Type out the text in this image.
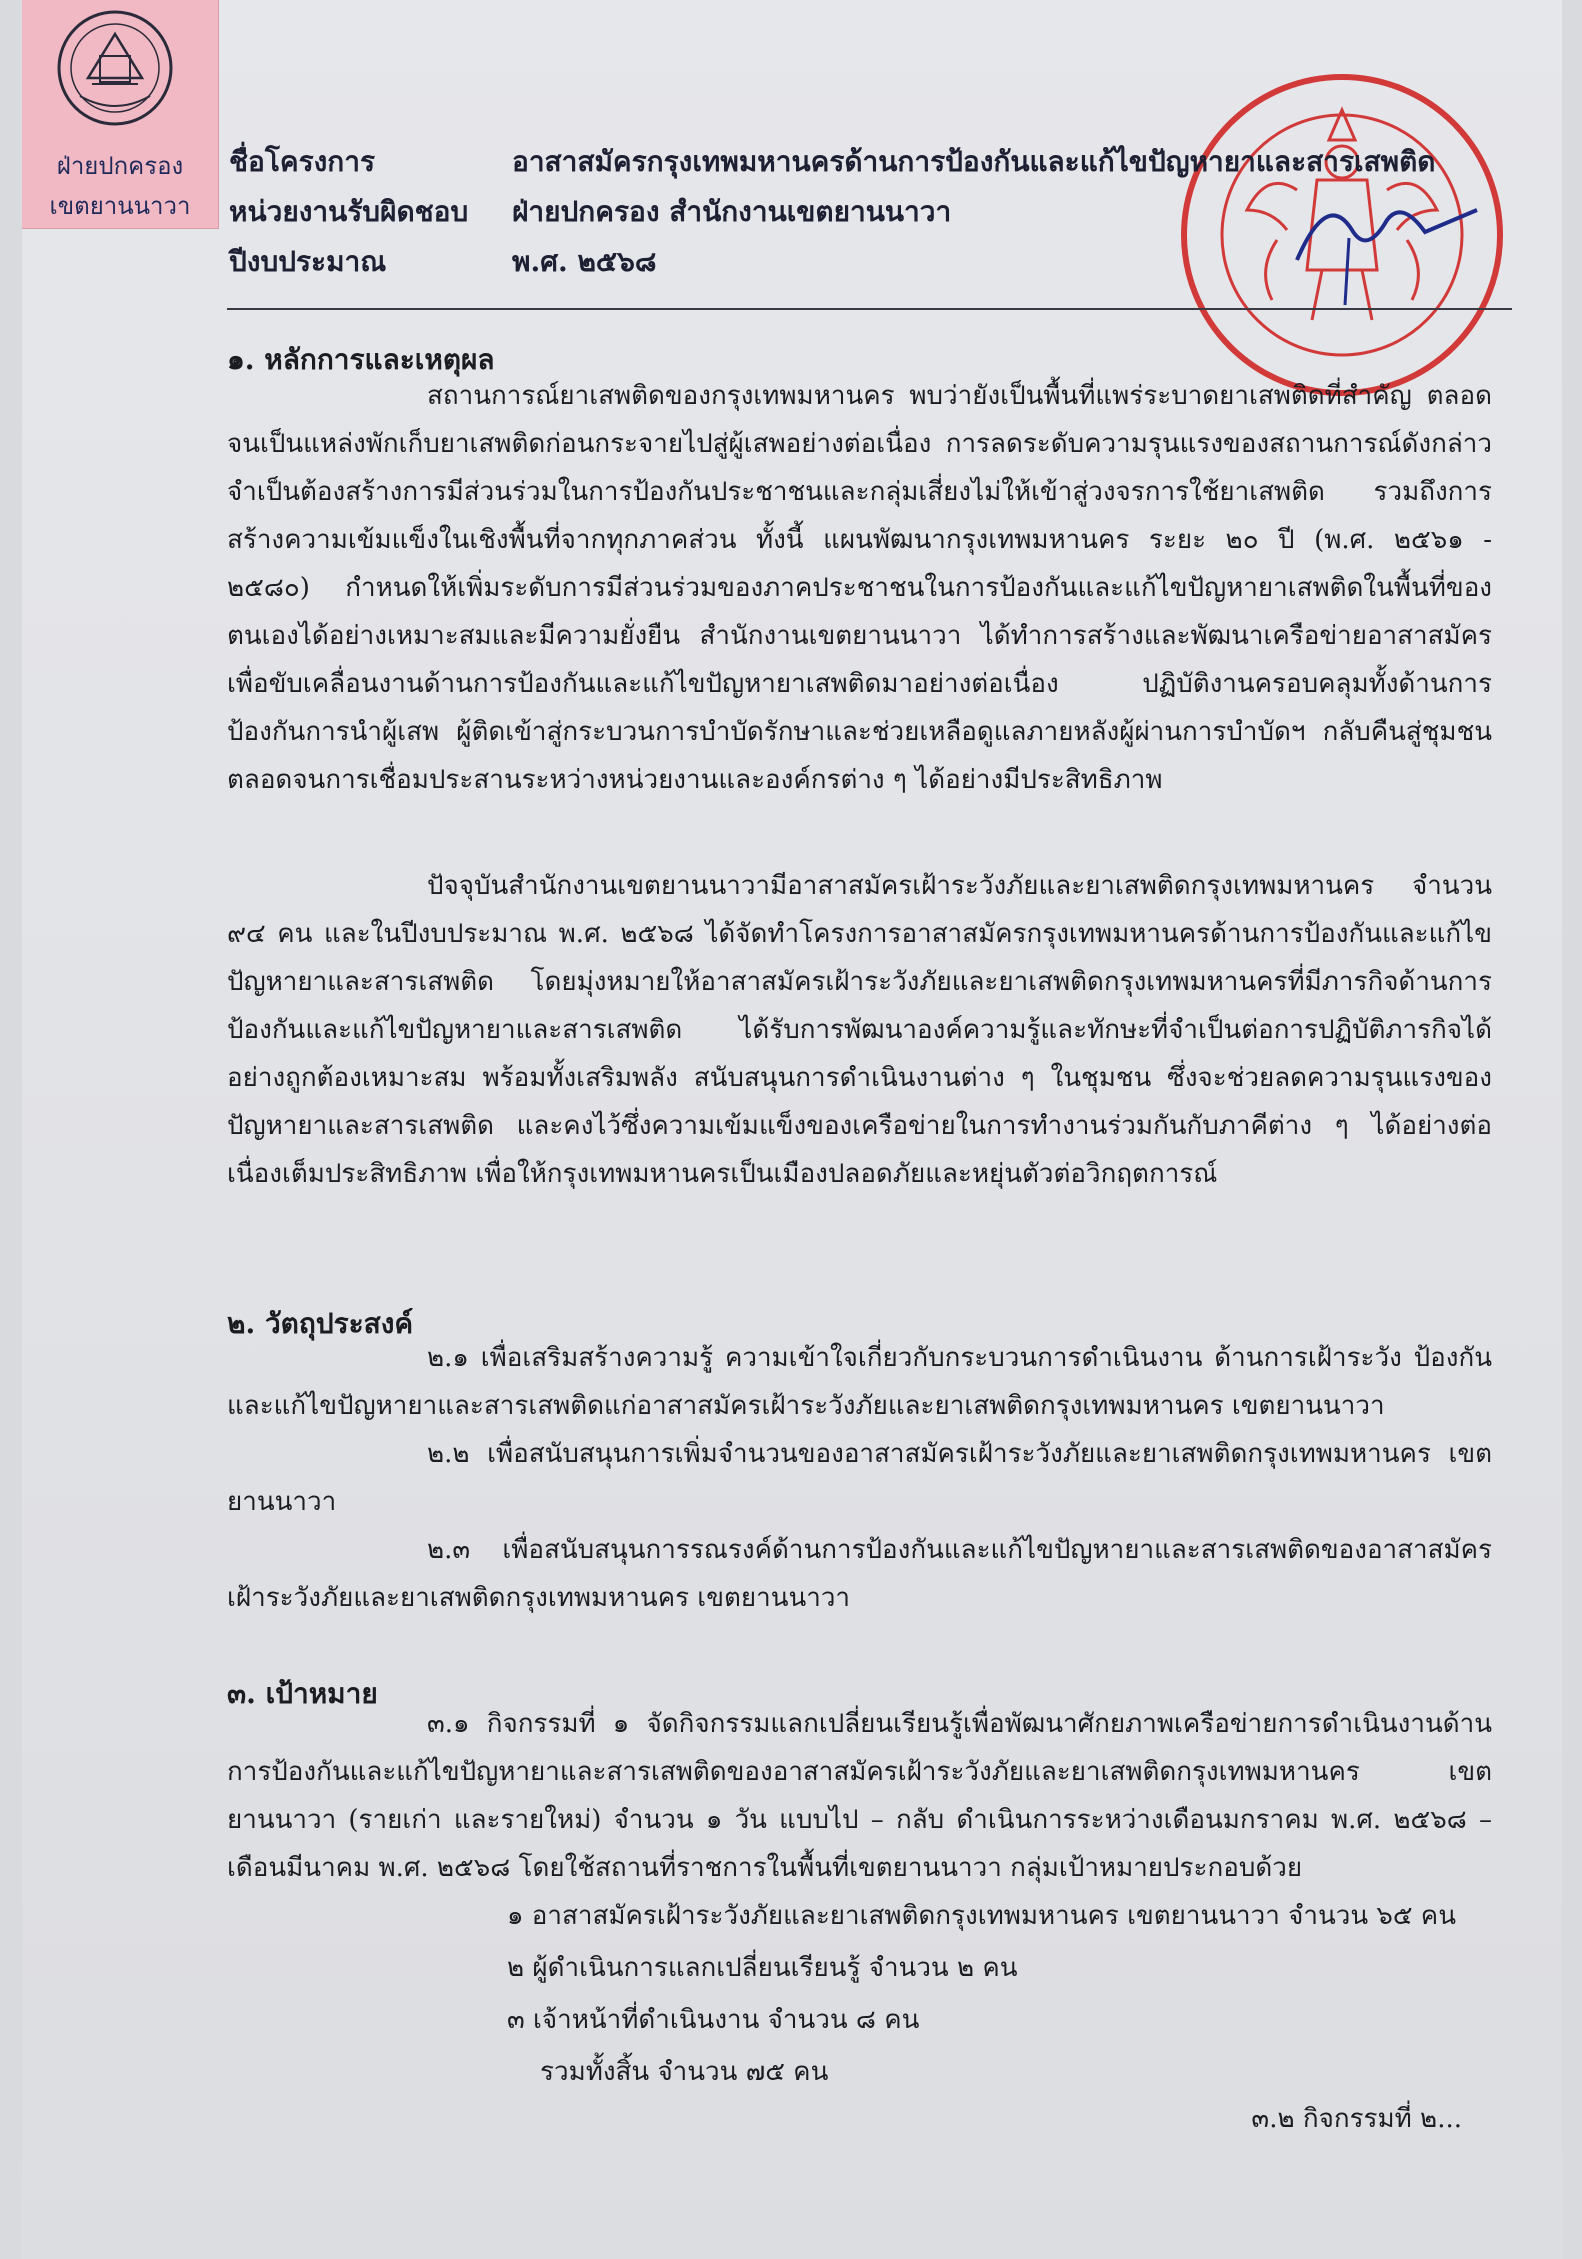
ฝ่ายปกครอง
เขตยานนาวา
ชื่อโครงการ	อาสาสมัครกรุงเทพมหานครด้านการป้องกันและแก้ไขปัญหายาและสารเสพติด
หน่วยงานรับผิดชอบ ฝ่ายปกครอง สำนักงานเขตยานนาวา
ปีงบประมาณ	พ.ศ. ๒๕๖๘
๑. หลักการและเหตุผล
สถานการณ์ยาเสพติดของกรุงเทพมหานคร พบว่ายังเป็นพื้นที่แพร่ระบาดยาเสพติดที่สำคัญ ตลอดจนเป็นแหล่งพักเก็บยาเสพติดก่อนกระจายไปสู่ผู้เสพอย่างต่อเนื่อง การลดระดับความรุนแรงของสถานการณ์ดังกล่าว จำเป็นต้องสร้างการมีส่วนร่วมในการป้องกันประชาชนและกลุ่มเสี่ยงไม่ให้เข้าสู่วงจรการใช้ยาเสพติด รวมถึงการสร้างความเข้มแข็งในเชิงพื้นที่จากทุกภาคส่วน ทั้งนี้ แผนพัฒนากรุงเทพมหานคร ระยะ ๒๐ ปี (พ.ศ. ๒๕๖๑ - ๒๕๘๐) กำหนดให้เพิ่มระดับการมีส่วนร่วมของภาคประชาชนในการป้องกันและแก้ไขปัญหายาเสพติดในพื้นที่ของตนเองได้อย่างเหมาะสมและมีความยั่งยืน สำนักงานเขตยานนาวา ได้ทำการสร้างและพัฒนาเครือข่ายอาสาสมัครเพื่อขับเคลื่อนงานด้านการป้องกันและแก้ไขปัญหายาเสพติดมาอย่างต่อเนื่อง ปฏิบัติงานครอบคลุมทั้งด้านการป้องกันการนำผู้เสพ ผู้ติดเข้าสู่กระบวนการบำบัดรักษาและช่วยเหลือดูแลภายหลังผู้ผ่านการบำบัดฯ กลับคืนสู่ชุมชน ตลอดจนการเชื่อมประสานระหว่างหน่วยงานและองค์กรต่าง ๆ ได้อย่างมีประสิทธิภาพ
ปัจจุบันสำนักงานเขตยานนาวามีอาสาสมัครเฝ้าระวังภัยและยาเสพติดกรุงเทพมหานคร จำนวน ๙๔ คน และในปีงบประมาณ พ.ศ. ๒๕๖๘ ได้จัดทำโครงการอาสาสมัครกรุงเทพมหานครด้านการป้องกันและแก้ไขปัญหายาและสารเสพติด โดยมุ่งหมายให้อาสาสมัครเฝ้าระวังภัยและยาเสพติดกรุงเทพมหานครที่มีภารกิจด้านการป้องกันและแก้ไขปัญหายาและสารเสพติด ได้รับการพัฒนาองค์ความรู้และทักษะที่จำเป็นต่อการปฏิบัติภารกิจได้อย่างถูกต้องเหมาะสม พร้อมทั้งเสริมพลัง สนับสนุนการดำเนินงานต่าง ๆ ในชุมชน ซึ่งจะช่วยลดความรุนแรงของปัญหายาและสารเสพติด และคงไว้ซึ่งความเข้มแข็งของเครือข่ายในการทำงานร่วมกันกับภาคีต่าง ๆ ได้อย่างต่อเนื่องเต็มประสิทธิภาพ เพื่อให้กรุงเทพมหานครเป็นเมืองปลอดภัยและหยุ่นตัวต่อวิกฤตการณ์
๒. วัตถุประสงค์
๒.๑ เพื่อเสริมสร้างความรู้ ความเข้าใจเกี่ยวกับกระบวนการดำเนินงาน ด้านการเฝ้าระวัง ป้องกันและแก้ไขปัญหายาและสารเสพติดแก่อาสาสมัครเฝ้าระวังภัยและยาเสพติดกรุงเทพมหานคร เขตยานนาวา
๒.๒ เพื่อสนับสนุนการเพิ่มจำนวนของอาสาสมัครเฝ้าระวังภัยและยาเสพติดกรุงเทพมหานคร เขตยานนาวา
๒.๓ เพื่อสนับสนุนการรณรงค์ด้านการป้องกันและแก้ไขปัญหายาและสารเสพติดของอาสาสมัครเฝ้าระวังภัยและยาเสพติดกรุงเทพมหานคร เขตยานนาวา
๓. เป้าหมาย
๓.๑ กิจกรรมที่ ๑ จัดกิจกรรมแลกเปลี่ยนเรียนรู้เพื่อพัฒนาศักยภาพเครือข่ายการดำเนินงานด้านการป้องกันและแก้ไขปัญหายาและสารเสพติดของอาสาสมัครเฝ้าระวังภัยและยาเสพติดกรุงเทพมหานคร เขตยานนาวา (รายเก่า และรายใหม่) จำนวน ๑ วัน แบบไป – กลับ ดำเนินการระหว่างเดือนมกราคม พ.ศ. ๒๕๖๘ – เดือนมีนาคม พ.ศ. ๒๕๖๘ โดยใช้สถานที่ราชการในพื้นที่เขตยานนาวา กลุ่มเป้าหมายประกอบด้วย
๑ อาสาสมัครเฝ้าระวังภัยและยาเสพติดกรุงเทพมหานคร เขตยานนาวา จำนวน ๖๕ คน
๒ ผู้ดำเนินการแลกเปลี่ยนเรียนรู้ จำนวน ๒ คน
๓ เจ้าหน้าที่ดำเนินงาน จำนวน ๘ คน
รวมทั้งสิ้น จำนวน ๗๕ คน
๓.๒ กิจกรรมที่ ๒...
